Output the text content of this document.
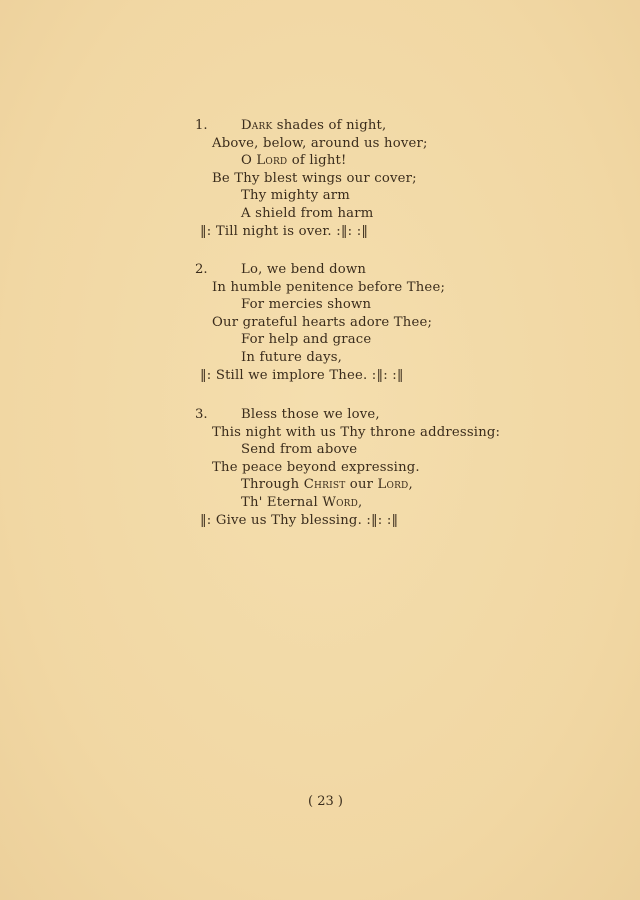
1.	Dark shades of night,
Above, below, around us hover;
O Lord of light!
Be Thy blest wings our cover;
Thy mighty arm
A shield from harm
‖: Till night is over. :‖: :‖
2.	Lo, we bend down
In humble penitence before Thee;
For mercies shown
Our grateful hearts adore Thee;
For help and grace
In future days,
‖: Still we implore Thee. :‖: :‖
3.	Bless those we love,
This night with us Thy throne addressing:
Send from above
The peace beyond expressing.
Through Christ our Lord,
Th' Eternal Word,
‖: Give us Thy blessing. :‖: :‖
( 23 )
